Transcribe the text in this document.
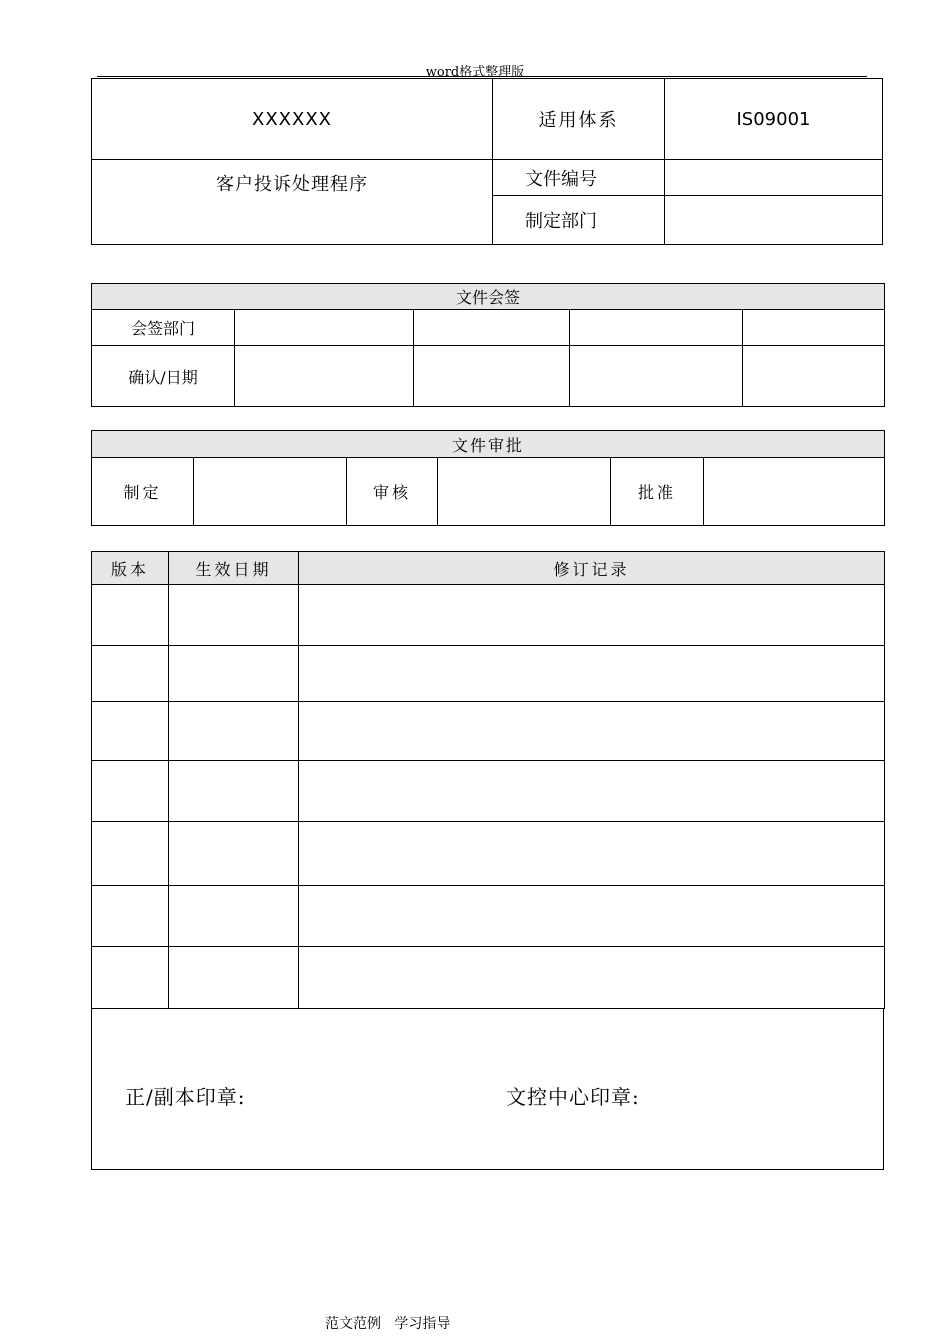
word格式整理版
XXXXXX	适用体系	IS09001
客户投诉处理程序	文件编号	
	制定部门	
文件会签				
会签部门				
确认/日期				
文件审批
制定		审核		批准	
版本	生效日期	修订记录

正/副本印章:	文控中心印章:
范文范例   学习指导
